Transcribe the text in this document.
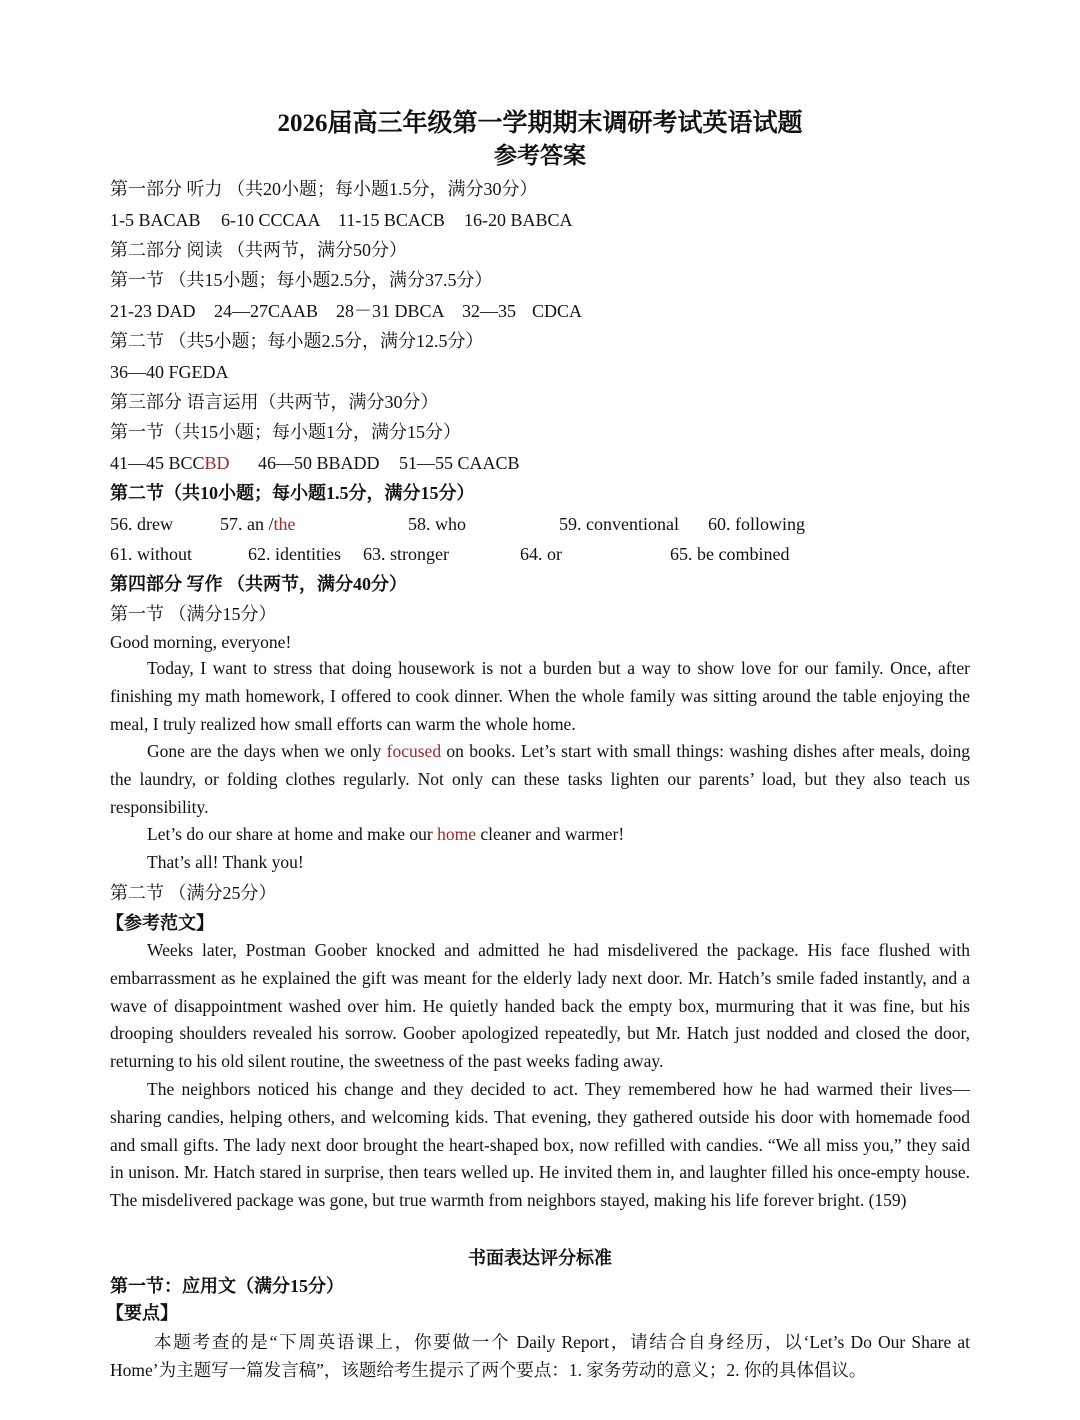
2026届高三年级第一学期期末调研考试英语试题
参考答案
第一部分 听力 （共20小题；每小题1.5分，满分30分）
1-5 BACAB 6-10 CCCAA 11-15 BCACB 16-20 BABCA
第二部分 阅读 （共两节，满分50分）
第一节 （共15小题；每小题2.5分，满分37.5分）
21-23 DAD 24—27CAAB 28－31 DBCA 32—35 CDCA
第二节 （共5小题；每小题2.5分，满分12.5分）
36—40 FGEDA
第三部分 语言运用（共两节，满分30分）
第一节（共15小题；每小题1分，满分15分）
41—45 BCCBD 46—50 BBADD 51—55 CAACB
第二节（共10小题；每小题1.5分，满分15分）
56. drew	57. an /the	58. who	59. conventional 60. following
61. without	62. identities 63. stronger	64. or	65. be combined
第四部分 写作 （共两节，满分40分）
第一节 （满分15分）
Good morning, everyone!
Today, I want to stress that doing housework is not a burden but a way to show love for our family. Once, after finishing my math homework, I offered to cook dinner. When the whole family was sitting around the table enjoying the meal, I truly realized how small efforts can warm the whole home.
Gone are the days when we only focused on books. Let’s start with small things: washing dishes after meals, doing the laundry, or folding clothes regularly. Not only can these tasks lighten our parents’ load, but they also teach us responsibility.
Let’s do our share at home and make our home cleaner and warmer!
That’s all! Thank you!
第二节 （满分25分）
【参考范文】
Weeks later, Postman Goober knocked and admitted he had misdelivered the package. His face flushed with embarrassment as he explained the gift was meant for the elderly lady next door. Mr. Hatch’s smile faded instantly, and a wave of disappointment washed over him. He quietly handed back the empty box, murmuring that it was fine, but his drooping shoulders revealed his sorrow. Goober apologized repeatedly, but Mr. Hatch just nodded and closed the door, returning to his old silent routine, the sweetness of the past weeks fading away.
The neighbors noticed his change and they decided to act. They remembered how he had warmed their lives—sharing candies, helping others, and welcoming kids. That evening, they gathered outside his door with homemade food and small gifts. The lady next door brought the heart-shaped box, now refilled with candies. “We all miss you,” they said in unison. Mr. Hatch stared in surprise, then tears welled up. He invited them in, and laughter filled his once-empty house. The misdelivered package was gone, but true warmth from neighbors stayed, making his life forever bright. (159)
书面表达评分标准
第一节：应用文（满分15分）
【要点】
本题考查的是“下周英语课上，你要做一个 Daily Report，请结合自身经历，以‘Let’s Do Our Share at Home’为主题写一篇发言稿”，该题给考生提示了两个要点：1. 家务劳动的意义；2. 你的具体倡议。
